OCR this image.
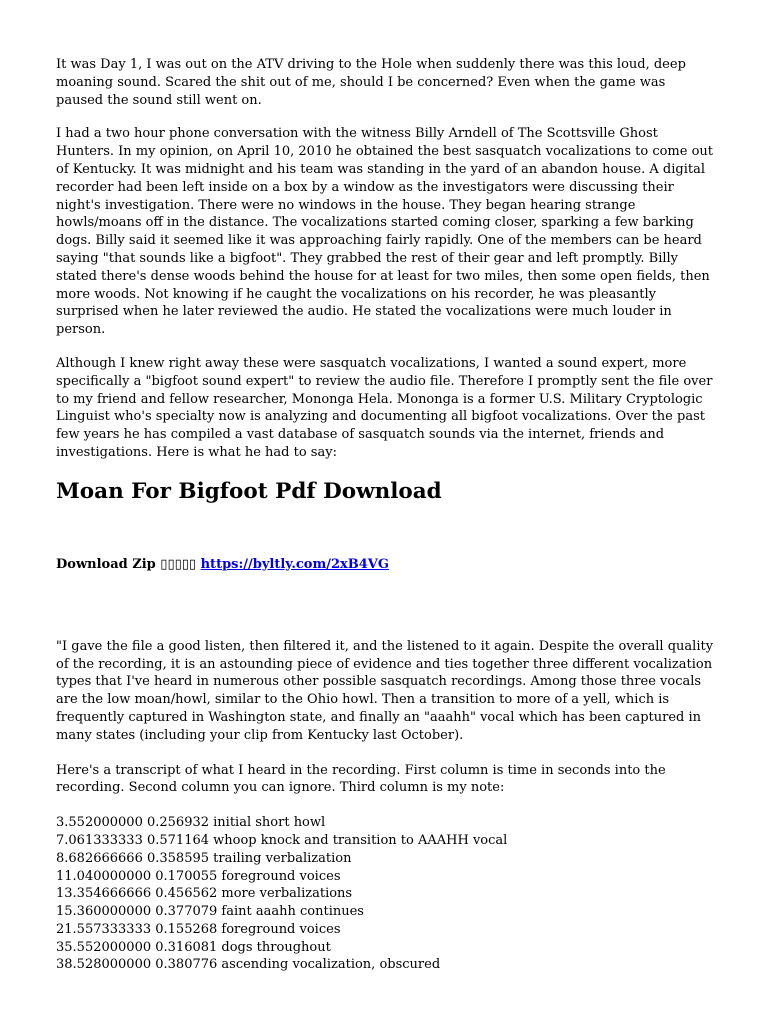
It was Day 1, I was out on the ATV driving to the Hole when suddenly there was this loud, deep moaning sound. Scared the shit out of me, should I be concerned? Even when the game was paused the sound still went on.

I had a two hour phone conversation with the witness Billy Arndell of The Scottsville Ghost Hunters. In my opinion, on April 10, 2010 he obtained the best sasquatch vocalizations to come out of Kentucky. It was midnight and his team was standing in the yard of an abandon house. A digital recorder had been left inside on a box by a window as the investigators were discussing their night's investigation. There were no windows in the house. They began hearing strange howls/moans off in the distance. The vocalizations started coming closer, sparking a few barking dogs. Billy said it seemed like it was approaching fairly rapidly. One of the members can be heard saying "that sounds like a bigfoot". They grabbed the rest of their gear and left promptly. Billy stated there's dense woods behind the house for at least for two miles, then some open fields, then more woods. Not knowing if he caught the vocalizations on his recorder, he was pleasantly surprised when he later reviewed the audio. He stated the vocalizations were much louder in person.

Although I knew right away these were sasquatch vocalizations, I wanted a sound expert, more specifically a "bigfoot sound expert" to review the audio file. Therefore I promptly sent the file over to my friend and fellow researcher, Mononga Hela. Mononga is a former U.S. Military Cryptologic Linguist who's specialty now is analyzing and documenting all bigfoot vocalizations. Over the past few years he has compiled a vast database of sasquatch sounds via the internet, friends and investigations. Here is what he had to say:

Moan For Bigfoot Pdf Download
Download Zip ▯▯▯▯▯ https://byltly.com/2xB4VG

"I gave the file a good listen, then filtered it, and the listened to it again. Despite the overall quality of the recording, it is an astounding piece of evidence and ties together three different vocalization types that I've heard in numerous other possible sasquatch recordings. Among those three vocals are the low moan/howl, similar to the Ohio howl. Then a transition to more of a yell, which is frequently captured in Washington state, and finally an "aaahh" vocal which has been captured in many states (including your clip from Kentucky last October).

Here's a transcript of what I heard in the recording. First column is time in seconds into the recording. Second column you can ignore. Third column is my note:

3.552000000 0.256932 initial short howl
7.061333333 0.571164 whoop knock and transition to AAAHH vocal
8.682666666 0.358595 trailing verbalization
11.040000000 0.170055 foreground voices
13.354666666 0.456562 more verbalizations
15.360000000 0.377079 faint aaahh continues
21.557333333 0.155268 foreground voices
35.552000000 0.316081 dogs throughout
38.528000000 0.380776 ascending vocalization, obscured
